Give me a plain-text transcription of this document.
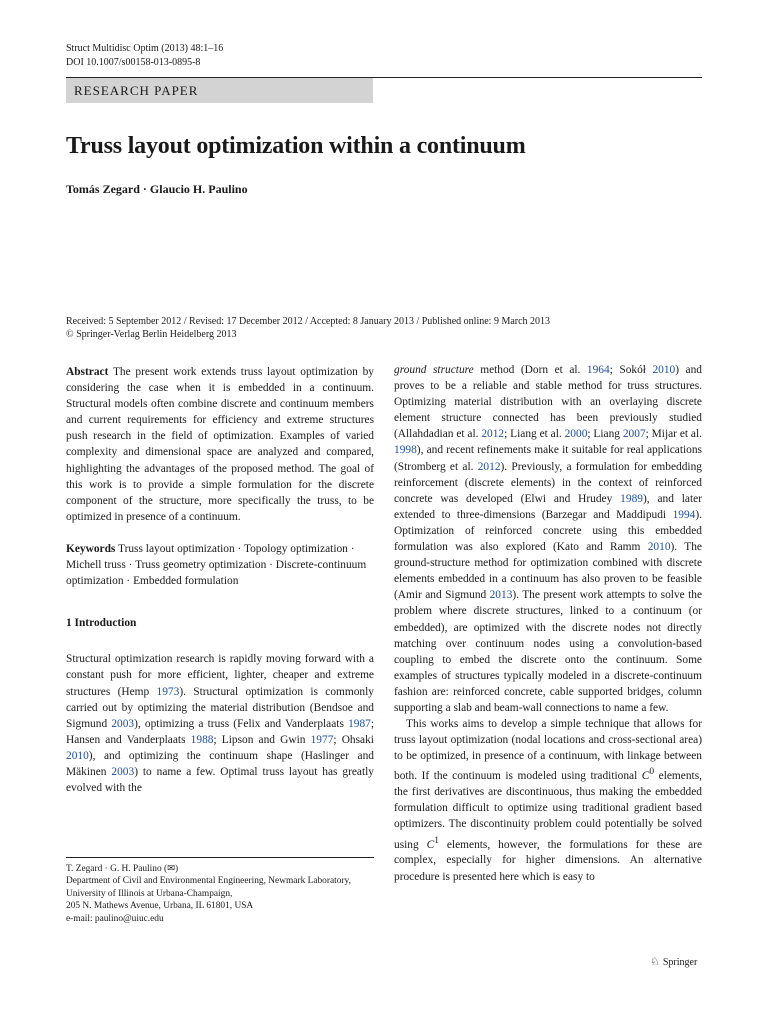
Struct Multidisc Optim (2013) 48:1–16
DOI 10.1007/s00158-013-0895-8
RESEARCH PAPER
Truss layout optimization within a continuum
Tomás Zegard · Glaucio H. Paulino
Received: 5 September 2012 / Revised: 17 December 2012 / Accepted: 8 January 2013 / Published online: 9 March 2013
© Springer-Verlag Berlin Heidelberg 2013

Abstract The present work extends truss layout optimization by considering the case when it is embedded in a continuum. Structural models often combine discrete and continuum members and current requirements for efficiency and extreme structures push research in the field of optimization. Examples of varied complexity and dimensional space are analyzed and compared, highlighting the advantages of the proposed method. The goal of this work is to provide a simple formulation for the discrete component of the structure, more specifically the truss, to be optimized in presence of a continuum.

Keywords Truss layout optimization · Topology optimization · Michell truss · Truss geometry optimization · Discrete-continuum optimization · Embedded formulation

1 Introduction

Structural optimization research is rapidly moving forward with a constant push for more efficient, lighter, cheaper and extreme structures (Hemp 1973). Structural optimization is commonly carried out by optimizing the material distribution (Bendsoe and Sigmund 2003), optimizing a truss (Felix and Vanderplaats 1987; Hansen and Vanderplaats 1988; Lipson and Gwin 1977; Ohsaki 2010), and optimizing the continuum shape (Haslinger and Mäkinen 2003) to name a few. Optimal truss layout has greatly evolved with the

ground structure method (Dorn et al. 1964; Sokół 2010) and proves to be a reliable and stable method for truss structures. Optimizing material distribution with an overlaying discrete element structure connected has been previously studied (Allahdadian et al. 2012; Liang et al. 2000; Liang 2007; Mijar et al. 1998), and recent refinements make it suitable for real applications (Stromberg et al. 2012). Previously, a formulation for embedding reinforcement (discrete elements) in the context of reinforced concrete was developed (Elwi and Hrudey 1989), and later extended to three-dimensions (Barzegar and Maddipudi 1994). Optimization of reinforced concrete using this embedded formulation was also explored (Kato and Ramm 2010). The ground-structure method for optimization combined with discrete elements embedded in a continuum has also proven to be feasible (Amir and Sigmund 2013). The present work attempts to solve the problem where discrete structures, linked to a continuum (or embedded), are optimized with the discrete nodes not directly matching over continuum nodes using a convolution-based coupling to embed the discrete onto the continuum. Some examples of structures typically modeled in a discrete-continuum fashion are: reinforced concrete, cable supported bridges, column supporting a slab and beam-wall connections to name a few.

This works aims to develop a simple technique that allows for truss layout optimization (nodal locations and cross-sectional area) to be optimized, in presence of a continuum, with linkage between both. If the continuum is modeled using traditional $C^0$ elements, the first derivatives are discontinuous, thus making the embedded formulation difficult to optimize using traditional gradient based optimizers. The discontinuity problem could potentially be solved using $C^1$ elements, however, the formulations for these are complex, especially for higher dimensions. An alternative procedure is presented here which is easy to

T. Zegard · G. H. Paulino (✉)
Department of Civil and Environmental Engineering, Newmark Laboratory, University of Illinois at Urbana-Champaign,
205 N. Mathews Avenue, Urbana, IL 61801, USA
e-mail: paulino@uiuc.edu
♘ Springer
